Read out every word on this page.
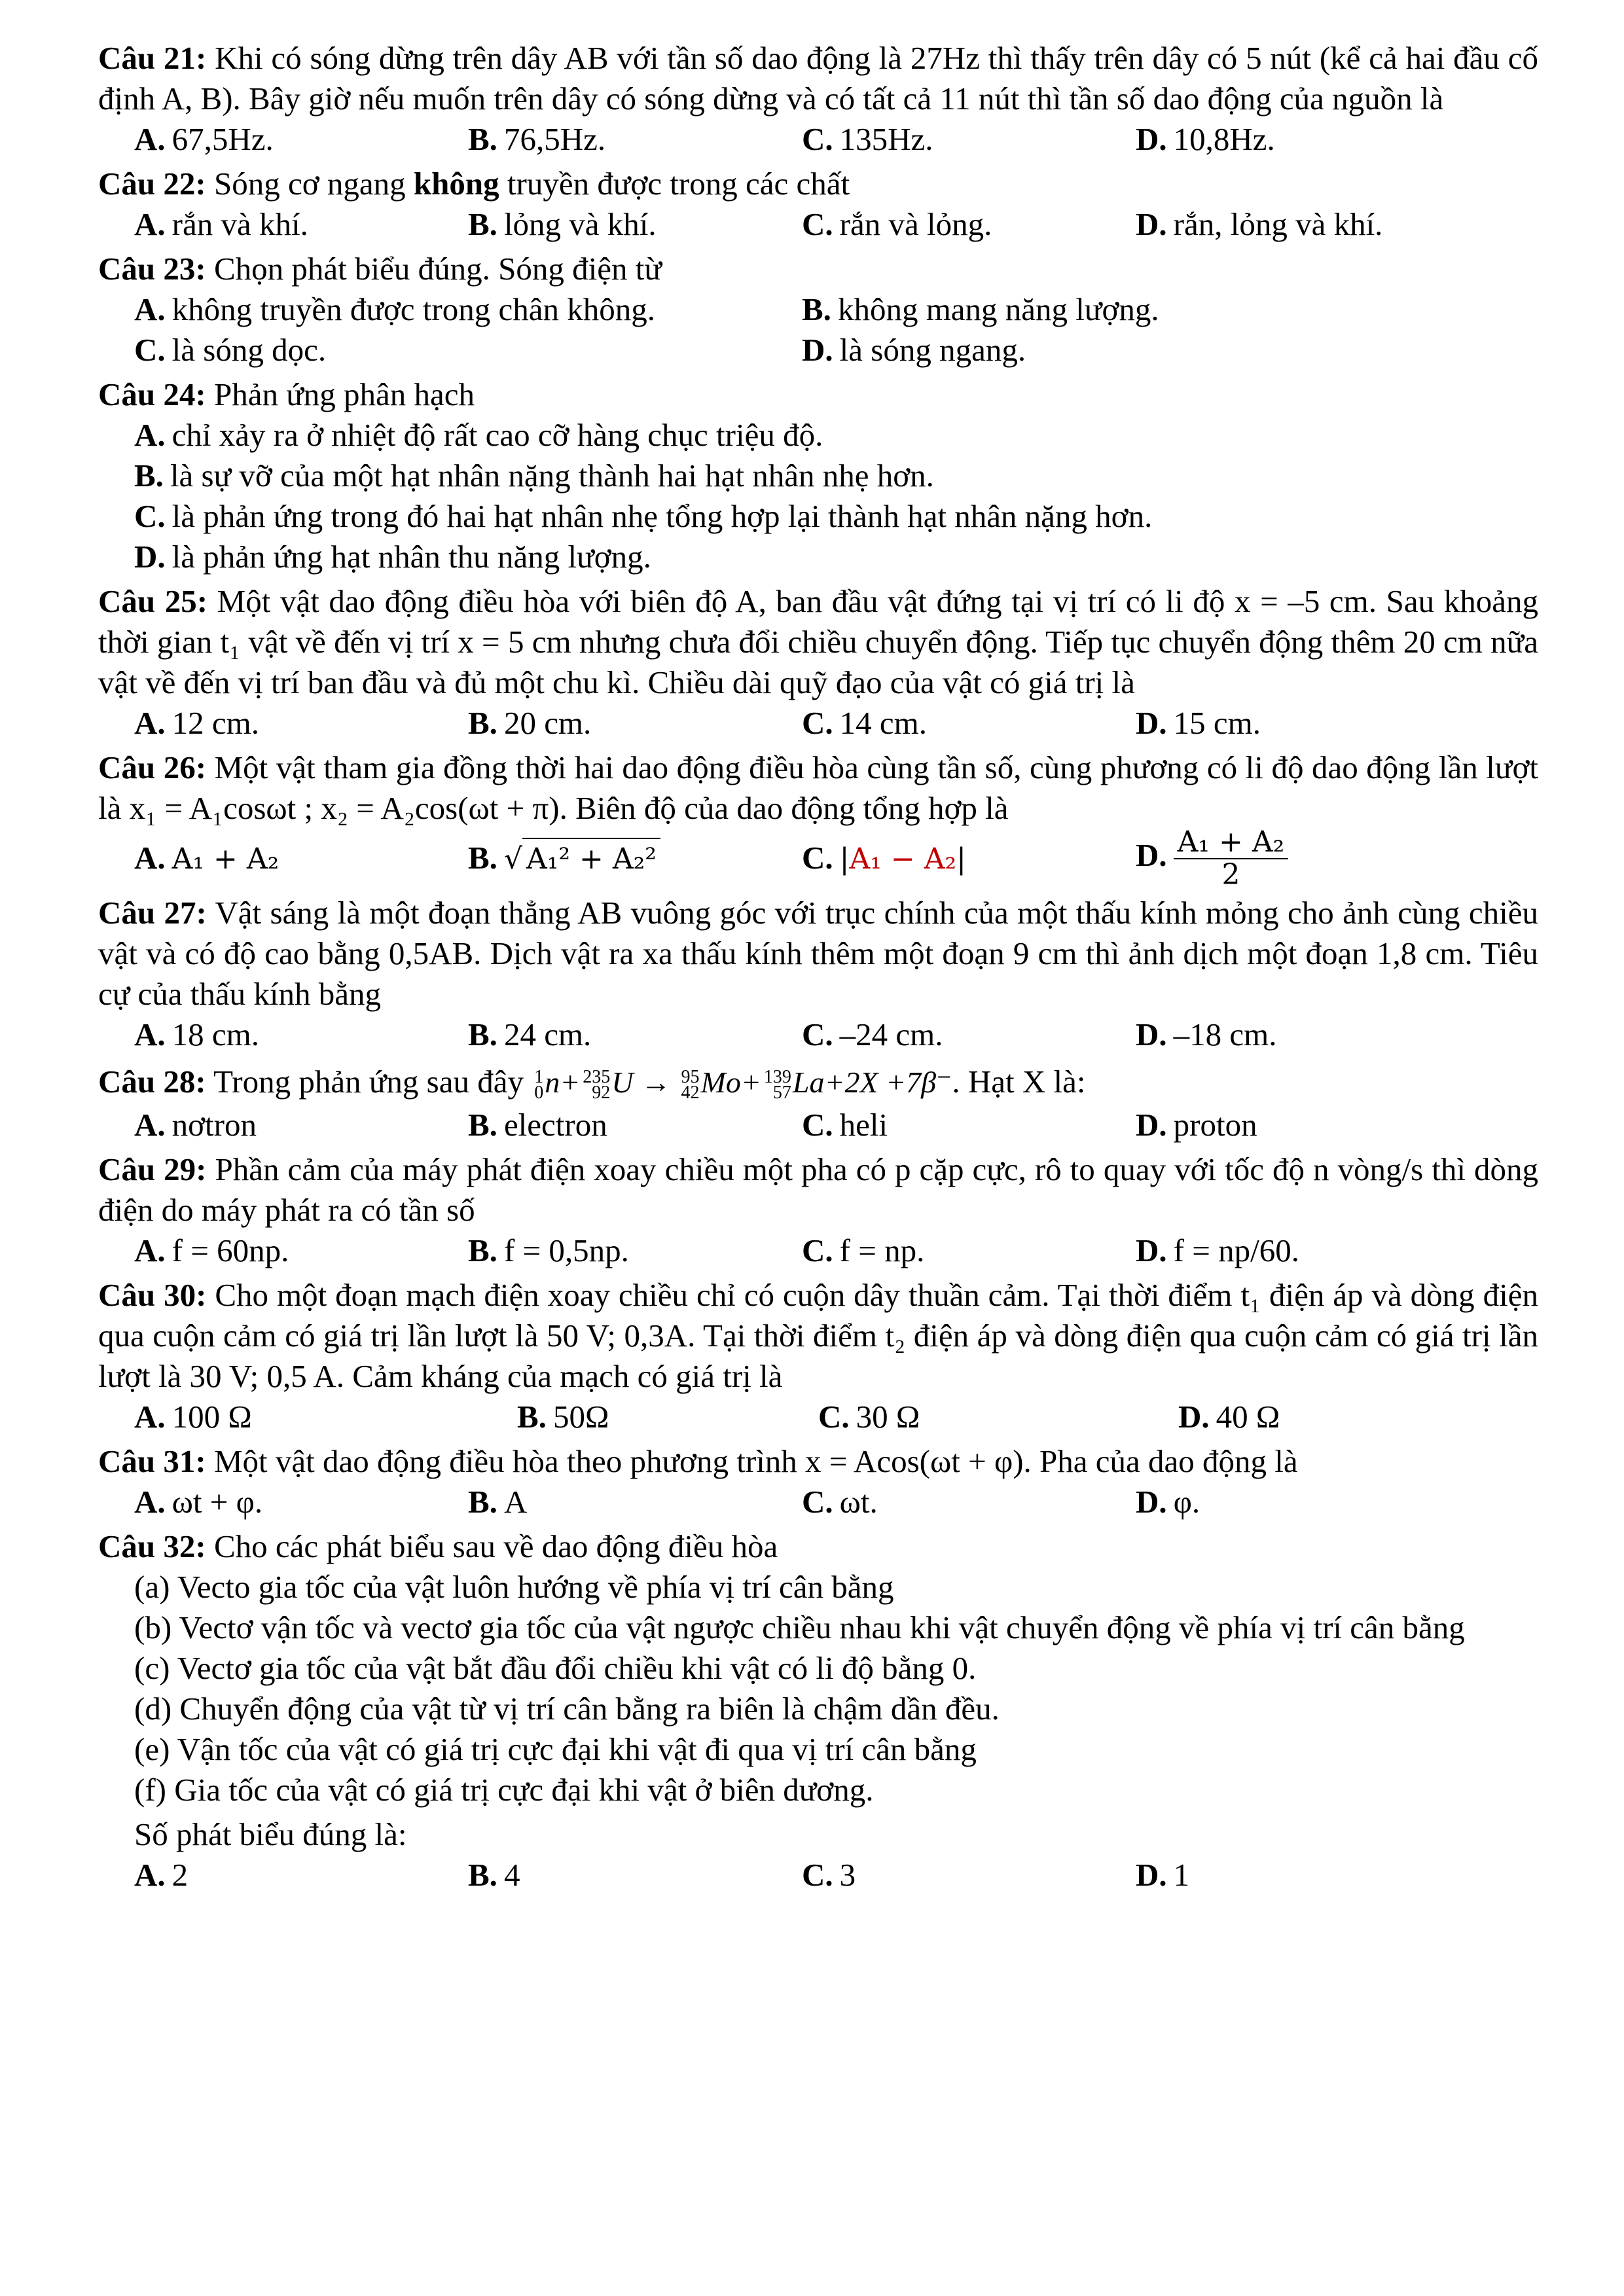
Câu 21: Khi có sóng dừng trên dây AB với tần số dao động là 27Hz thì thấy trên dây có 5 nút (kể cả hai đầu cố định A, B). Bây giờ nếu muốn trên dây có sóng dừng và có tất cả 11 nút thì tần số dao động của nguồn là
A. 67,5Hz.	B. 76,5Hz.	C. 135Hz.	D. 10,8Hz.
Câu 22: Sóng cơ ngang không truyền được trong các chất
A. rắn và khí.	B. lỏng và khí.	C. rắn và lỏng.	D. rắn, lỏng và khí.
Câu 23: Chọn phát biểu đúng. Sóng điện từ
A. không truyền được trong chân không.	B. không mang năng lượng.
C. là sóng dọc.	D. là sóng ngang.
Câu 24: Phản ứng phân hạch
A. chỉ xảy ra ở nhiệt độ rất cao cỡ hàng chục triệu độ.
B. là sự vỡ của một hạt nhân nặng thành hai hạt nhân nhẹ hơn.
C. là phản ứng trong đó hai hạt nhân nhẹ tổng hợp lại thành hạt nhân nặng hơn.
D. là phản ứng hạt nhân thu năng lượng.
Câu 25: Một vật dao động điều hòa với biên độ A, ban đầu vật đứng tại vị trí có li độ x = –5 cm. Sau khoảng thời gian t₁ vật về đến vị trí x = 5 cm nhưng chưa đổi chiều chuyển động. Tiếp tục chuyển động thêm 20 cm nữa vật về đến vị trí ban đầu và đủ một chu kì. Chiều dài quỹ đạo của vật có giá trị là
A. 12 cm.	B. 20 cm.	C. 14 cm.	D. 15 cm.
Câu 26: Một vật tham gia đồng thời hai dao động điều hòa cùng tần số, cùng phương có li độ dao động lần lượt là x₁ = A₁cosωt ; x₂ = A₂cos(ωt + π). Biên độ của dao động tổng hợp là
A. A₁ + A₂	B. √ A₁² + A₂²	C. |A₁ − A₂|	D. $\frac{\text{A₁ + A₂}}{2}$
Câu 27: Vật sáng là một đoạn thẳng AB vuông góc với trục chính của một thấu kính mỏng cho ảnh cùng chiều vật và có độ cao bằng 0,5AB. Dịch vật ra xa thấu kính thêm một đoạn 9 cm thì ảnh dịch một đoạn 1,8 cm. Tiêu cự của thấu kính bằng
A. 18 cm.	B. 24 cm.	C. –24 cm.	D. –18 cm.
Câu 28: Trong phản ứng sau đây 1
0 n+ 235
92 U → 95
42 Mo+ 139
57 La+2X +7β⁻. Hạt X là:
A. nơtron	B. electron	C. heli	D. proton
Câu 29: Phần cảm của máy phát điện xoay chiều một pha có p cặp cực, rô to quay với tốc độ n vòng/s thì dòng điện do máy phát ra có tần số
A. f = 60np.	B. f = 0,5np.	C. f = np.	D. f = np/60.
Câu 30: Cho một đoạn mạch điện xoay chiều chỉ có cuộn dây thuần cảm. Tại thời điểm t₁ điện áp và dòng điện qua cuộn cảm có giá trị lần lượt là 50 V; 0,3A. Tại thời điểm t₂ điện áp và dòng điện qua cuộn cảm có giá trị lần lượt là 30 V; 0,5 A. Cảm kháng của mạch có giá trị là
A. 100 Ω	B. 50Ω	C. 30 Ω	D. 40 Ω
Câu 31: Một vật dao động điều hòa theo phương trình x = Acos(ωt + φ). Pha của dao động là
A. ωt + φ.	B. A	C. ωt.	D. φ.
Câu 32: Cho các phát biểu sau về dao động điều hòa
(a) Vecto gia tốc của vật luôn hướng về phía vị trí cân bằng
(b) Vectơ vận tốc và vectơ gia tốc của vật ngược chiều nhau khi vật chuyển động về phía vị trí cân bằng
(c) Vectơ gia tốc của vật bắt đầu đổi chiều khi vật có li độ bằng 0.
(d) Chuyển động của vật từ vị trí cân bằng ra biên là chậm dần đều.
(e) Vận tốc của vật có giá trị cực đại khi vật đi qua vị trí cân bằng
(f) Gia tốc của vật có giá trị cực đại khi vật ở biên dương.
Số phát biểu đúng là:
A. 2	B. 4	C. 3	D. 1
